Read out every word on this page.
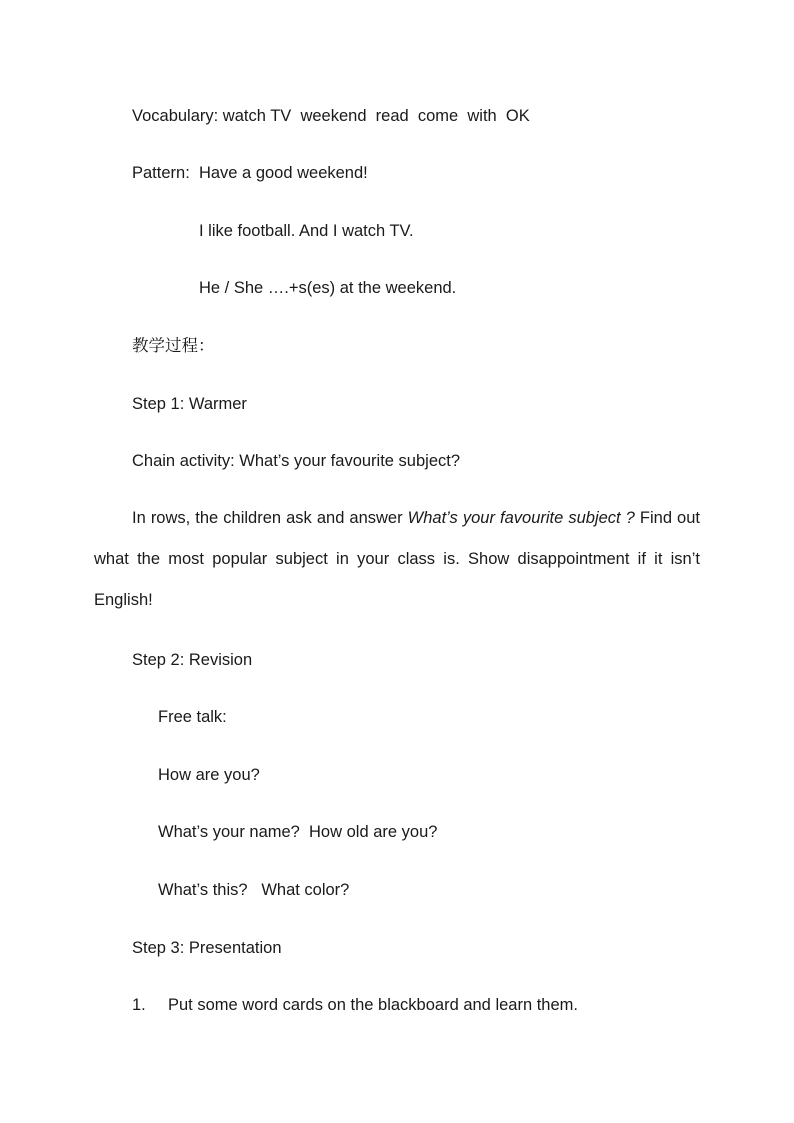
Vocabulary: watch TV  weekend  read  come  with  OK
Pattern:  Have a good weekend!
I like football. And I watch TV.
He / She ….+s(es) at the weekend.
教学过程：
Step 1: Warmer
Chain activity: What’s your favourite subject?
In rows, the children ask and answer What’s your favourite subject ? Find out what the most popular subject in your class is. Show disappointment if it isn’t English!
Step 2: Revision
Free talk:
How are you?
What’s your name?  How old are you?
What’s this?   What color?
Step 3: Presentation
1. Put some word cards on the blackboard and learn them.
